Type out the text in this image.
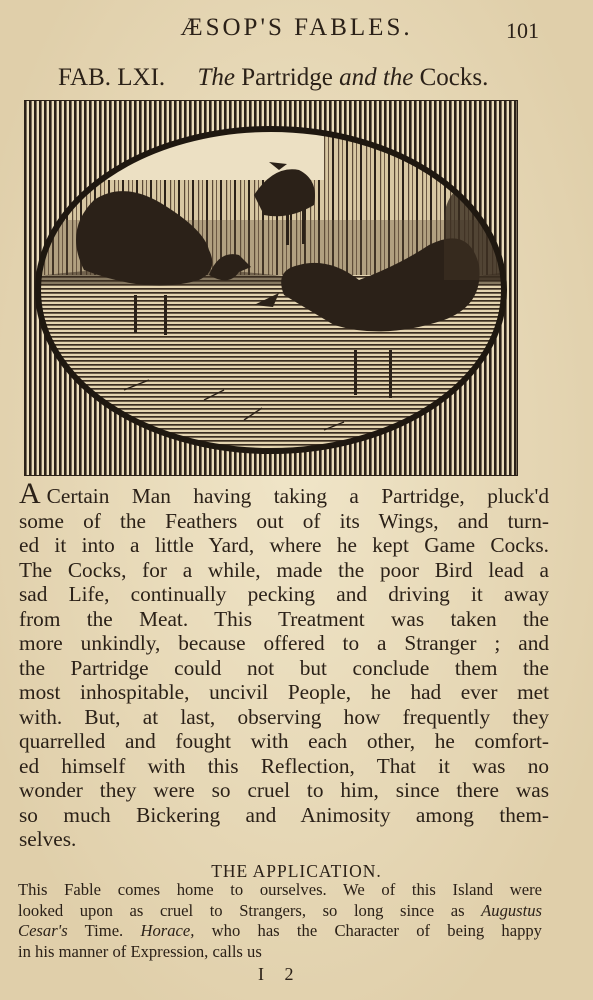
ÆSOP'S FABLES.	101
FAB. LXI. The Partridge and the Cocks.
A Certain Man having taking a Partridge, pluck'd
some of the Feathers out of its Wings, and turn-
ed it into a little Yard, where he kept Game Cocks.
The Cocks, for a while, made the poor Bird lead a
sad Life, continually pecking and driving it away
from the Meat. This Treatment was taken the
more unkindly, because offered to a Stranger ; and
the Partridge could not but conclude them the
most inhospitable, uncivil People, he had ever met
with. But, at last, observing how frequently they
quarrelled and fought with each other, he comfort-
ed himself with this Reflection, That it was no
wonder they were so cruel to him, since there was
so much Bickering and Animosity among them-
selves.
THE APPLICATION.
This Fable comes home to ourselves. We of this Island were
looked upon as cruel to Strangers, so long since as Augustus
Cesar's Time. Horace, who has the Character of being happy
in his manner of Expression, calls us
I 2
